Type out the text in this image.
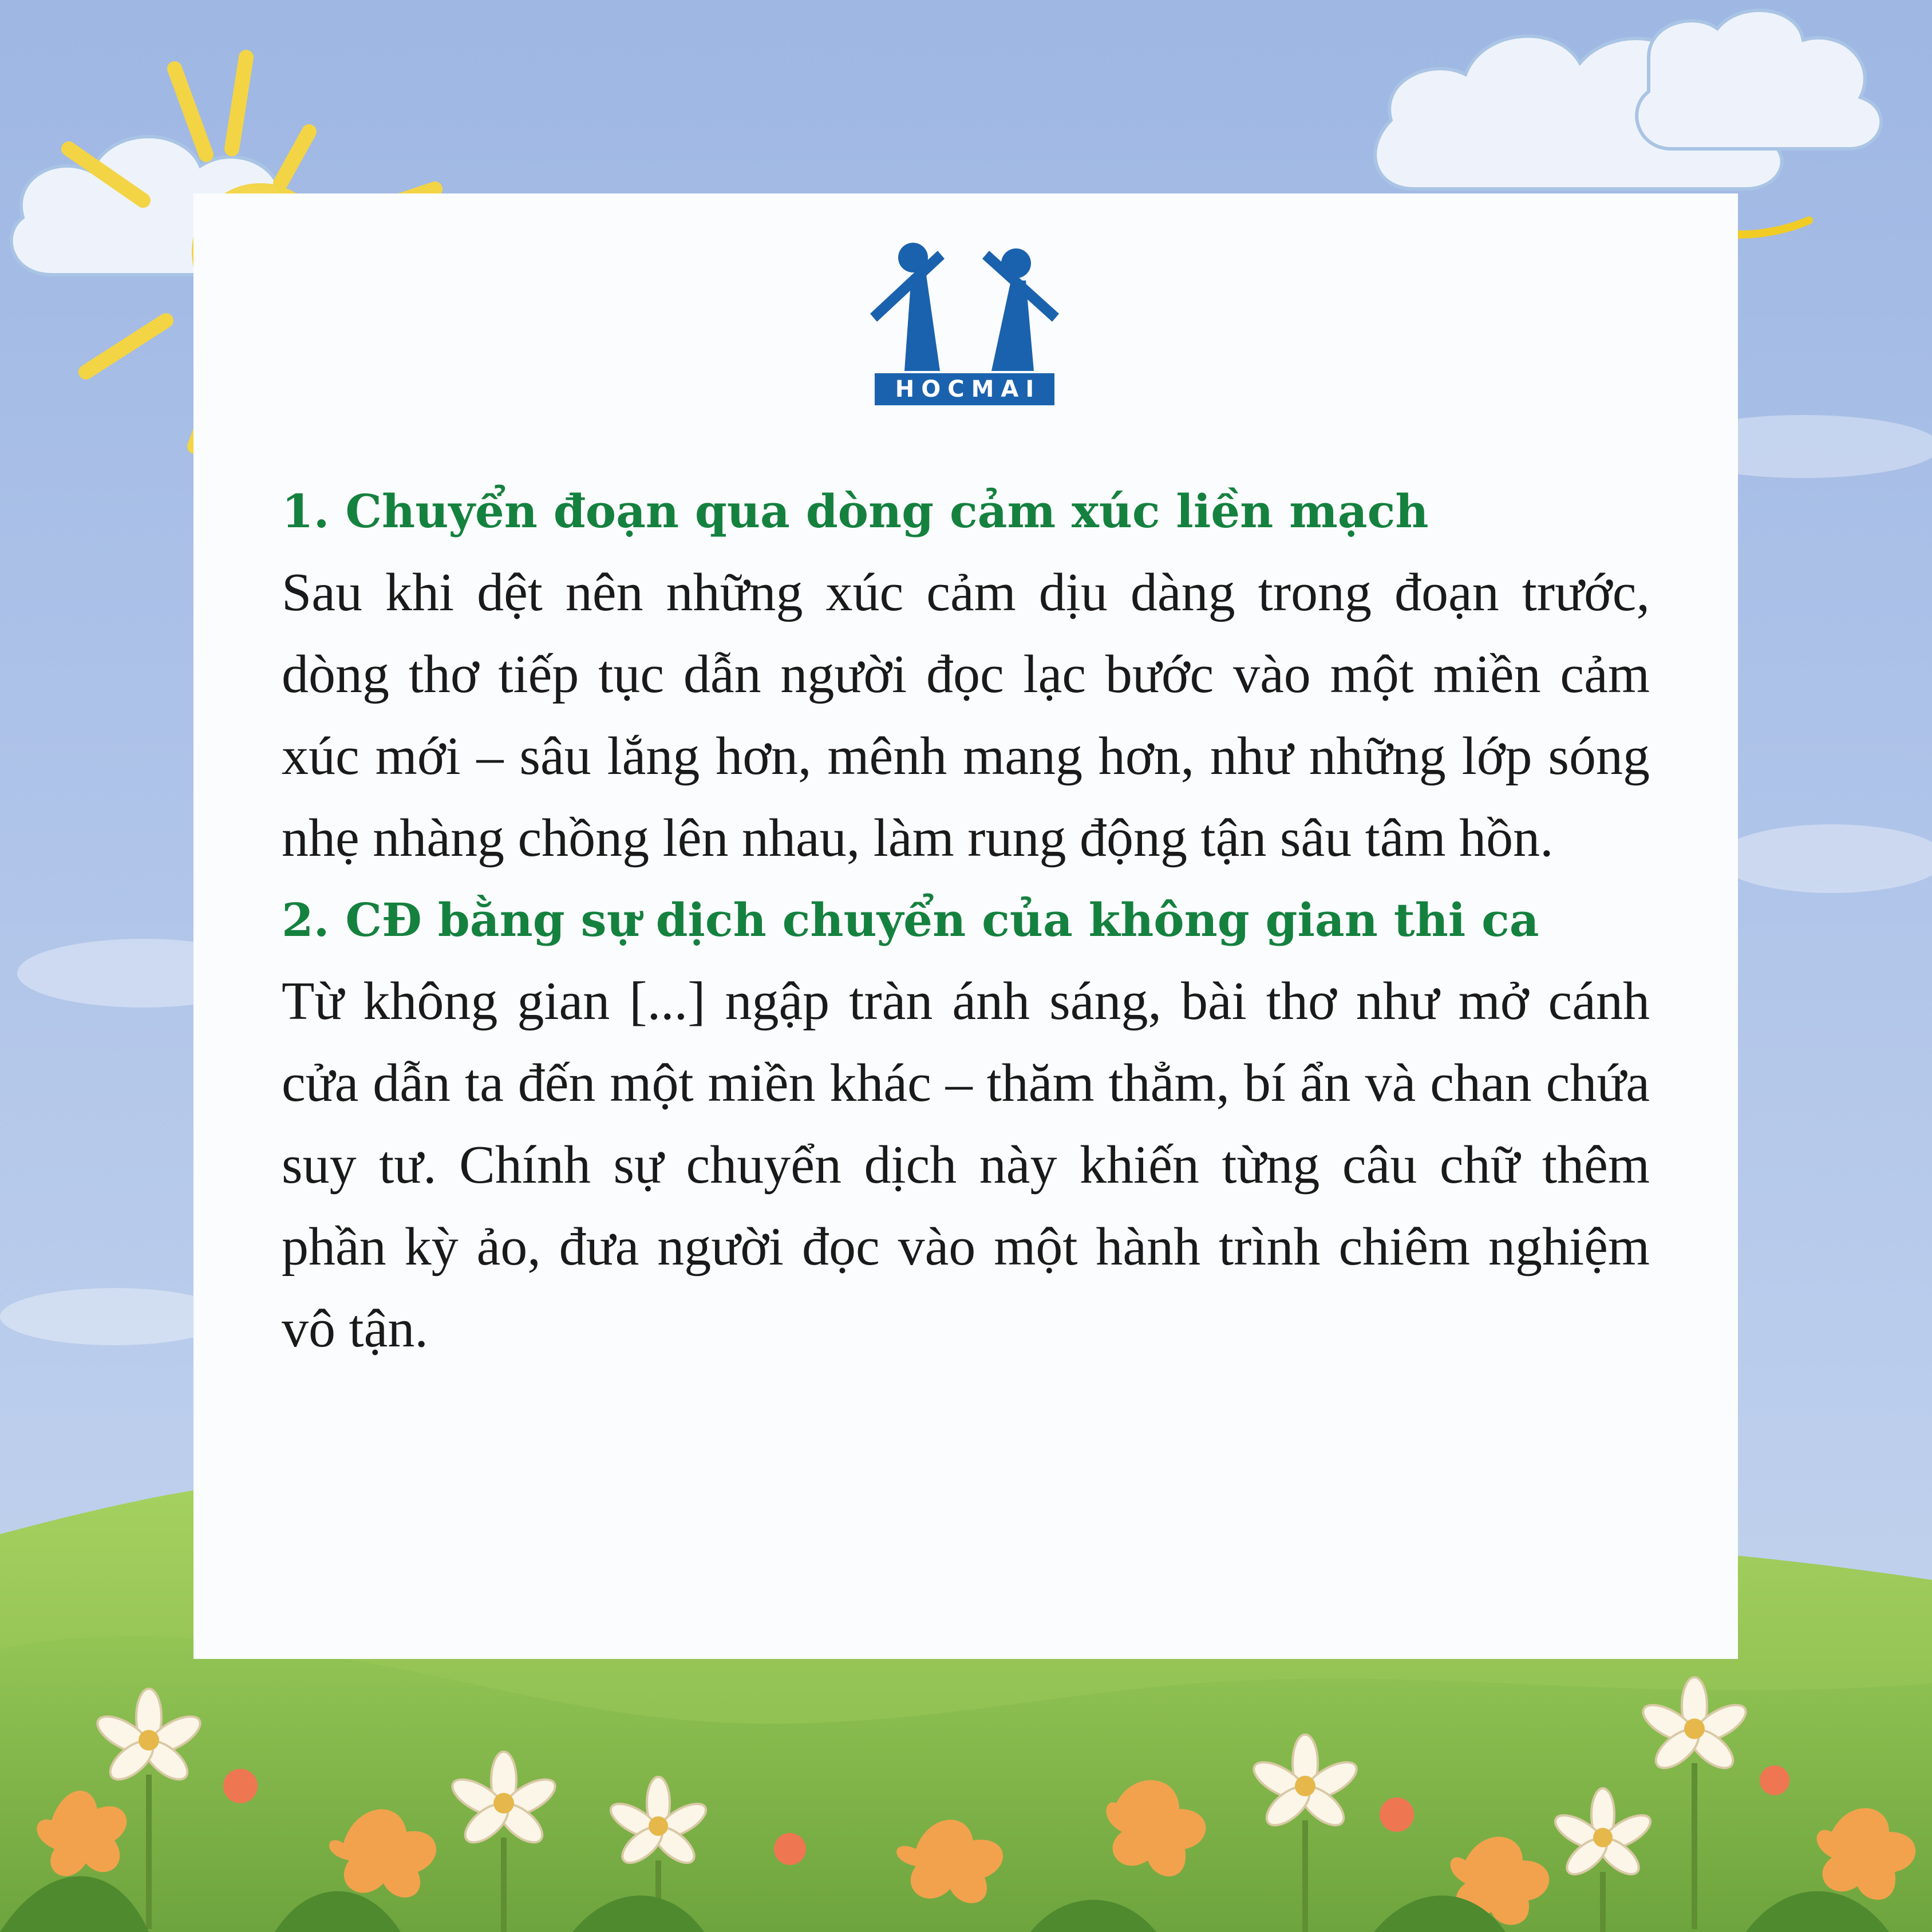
HOCMAI

1. Chuyển đoạn qua dòng cảm xúc liền mạch

Sau khi dệt nên những xúc cảm dịu dàng trong đoạn trước, dòng thơ tiếp tục dẫn người đọc lạc bước vào một miền cảm xúc mới – sâu lắng hơn, mênh mang hơn, như những lớp sóng nhẹ nhàng chồng lên nhau, làm rung động tận sâu tâm hồn.

2. CĐ bằng sự dịch chuyển của không gian thi ca

Từ không gian [...] ngập tràn ánh sáng, bài thơ như mở cánh cửa dẫn ta đến một miền khác – thăm thẳm, bí ẩn và chan chứa suy tư. Chính sự chuyển dịch này khiến từng câu chữ thêm phần kỳ ảo, đưa người đọc vào một hành trình chiêm nghiệm vô tận.
